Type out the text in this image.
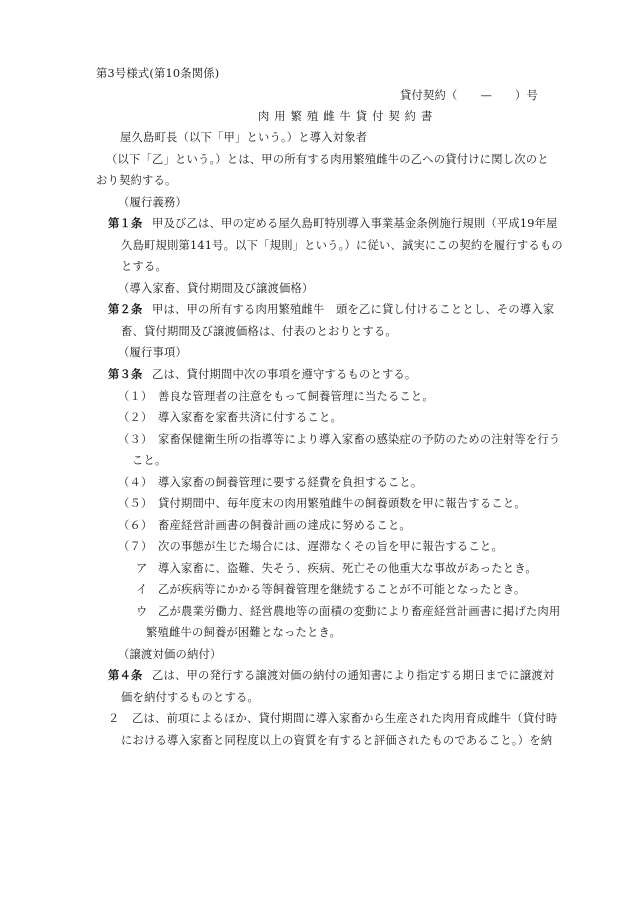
第3号様式(第10条関係)
貸付契約（　　—　　）号
肉用繁殖雌牛貸付契約書
屋久島町長（以下「甲」という。）と導入対象者
（以下「乙」という。）とは、甲の所有する肉用繁殖雌牛の乙への貸付けに関し次のと
おり契約する。
（履行義務）
第１条 甲及び乙は、甲の定める屋久島町特別導入事業基金条例施行規則（平成19年屋
久島町規則第141号。以下「規則」という。）に従い、誠実にこの契約を履行するもの
とする。
（導入家畜、貸付期間及び譲渡価格）
第２条 甲は、甲の所有する肉用繁殖雌牛　頭を乙に貸し付けることとし、その導入家
畜、貸付期間及び譲渡価格は、付表のとおりとする。
（履行事項）
第３条 乙は、貸付期間中次の事項を遵守するものとする。
（１） 善良な管理者の注意をもって飼養管理に当たること。
（２） 導入家畜を家畜共済に付すること。
（３） 家畜保健衛生所の指導等により導入家畜の感染症の予防のための注射等を行う
こと。
（４） 導入家畜の飼養管理に要する経費を負担すること。
（５） 貸付期間中、毎年度末の肉用繁殖雌牛の飼養頭数を甲に報告すること。
（６） 畜産経営計画書の飼養計画の達成に努めること。
（７） 次の事態が生じた場合には、遅滞なくその旨を甲に報告すること。
ア 導入家畜に、盗難、失そう、疾病、死亡その他重大な事故があったとき。
イ 乙が疾病等にかかる等飼養管理を継続することが不可能となったとき。
ウ 乙が農業労働力、経営農地等の面積の変動により畜産経営計画書に掲げた肉用
繁殖雌牛の飼養が困難となったとき。
（譲渡対価の納付）
第４条 乙は、甲の発行する譲渡対価の納付の通知書により指定する期日までに譲渡対
価を納付するものとする。
２ 乙は、前項によるほか、貸付期間に導入家畜から生産された肉用育成雌牛（貸付時
における導入家畜と同程度以上の資質を有すると評価されたものであること。）を納
